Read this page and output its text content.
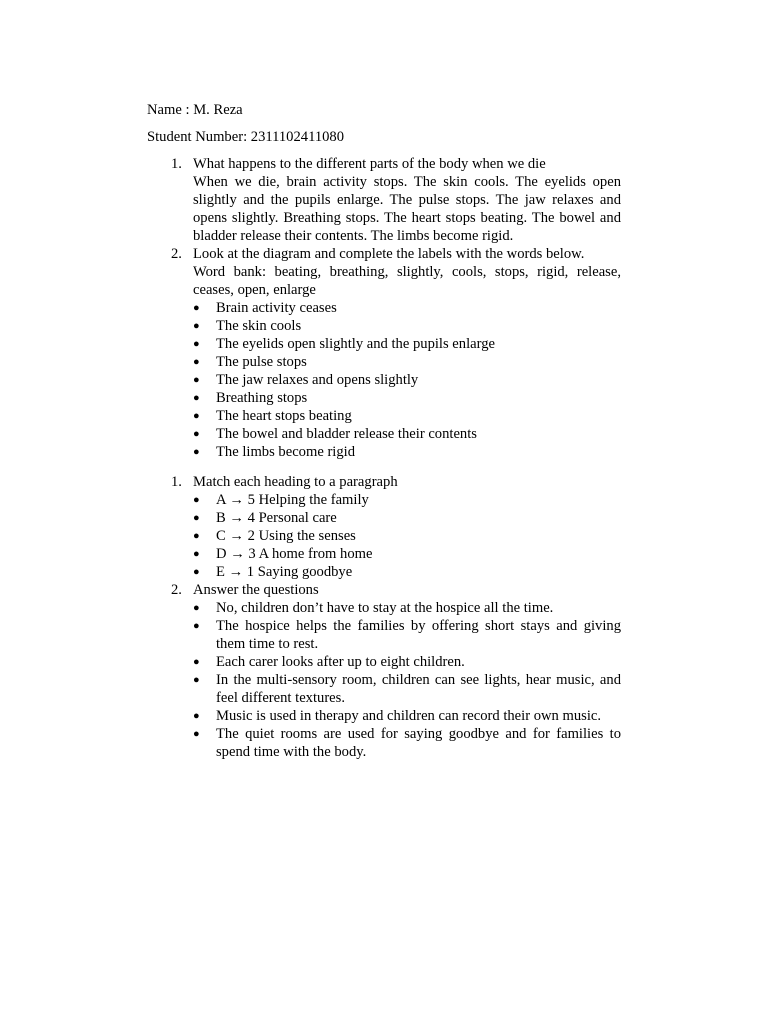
Name : M. Reza
Student Number: 2311102411080
1. What happens to the different parts of the body when we die
When we die, brain activity stops. The skin cools. The eyelids open slightly and the pupils enlarge. The pulse stops. The jaw relaxes and opens slightly. Breathing stops. The heart stops beating. The bowel and bladder release their contents. The limbs become rigid.
2. Look at the diagram and complete the labels with the words below.
Word bank: beating, breathing, slightly, cools, stops, rigid, release, ceases, open, enlarge
● Brain activity ceases
● The skin cools
● The eyelids open slightly and the pupils enlarge
● The pulse stops
● The jaw relaxes and opens slightly
● Breathing stops
● The heart stops beating
● The bowel and bladder release their contents
● The limbs become rigid
1. Match each heading to a paragraph
● A → 5 Helping the family
● B → 4 Personal care
● C → 2 Using the senses
● D → 3 A home from home
● E → 1 Saying goodbye
2. Answer the questions
● No, children don’t have to stay at the hospice all the time.
● The hospice helps the families by offering short stays and giving them time to rest.
● Each carer looks after up to eight children.
● In the multi-sensory room, children can see lights, hear music, and feel different textures.
● Music is used in therapy and children can record their own music.
● The quiet rooms are used for saying goodbye and for families to spend time with the body.
